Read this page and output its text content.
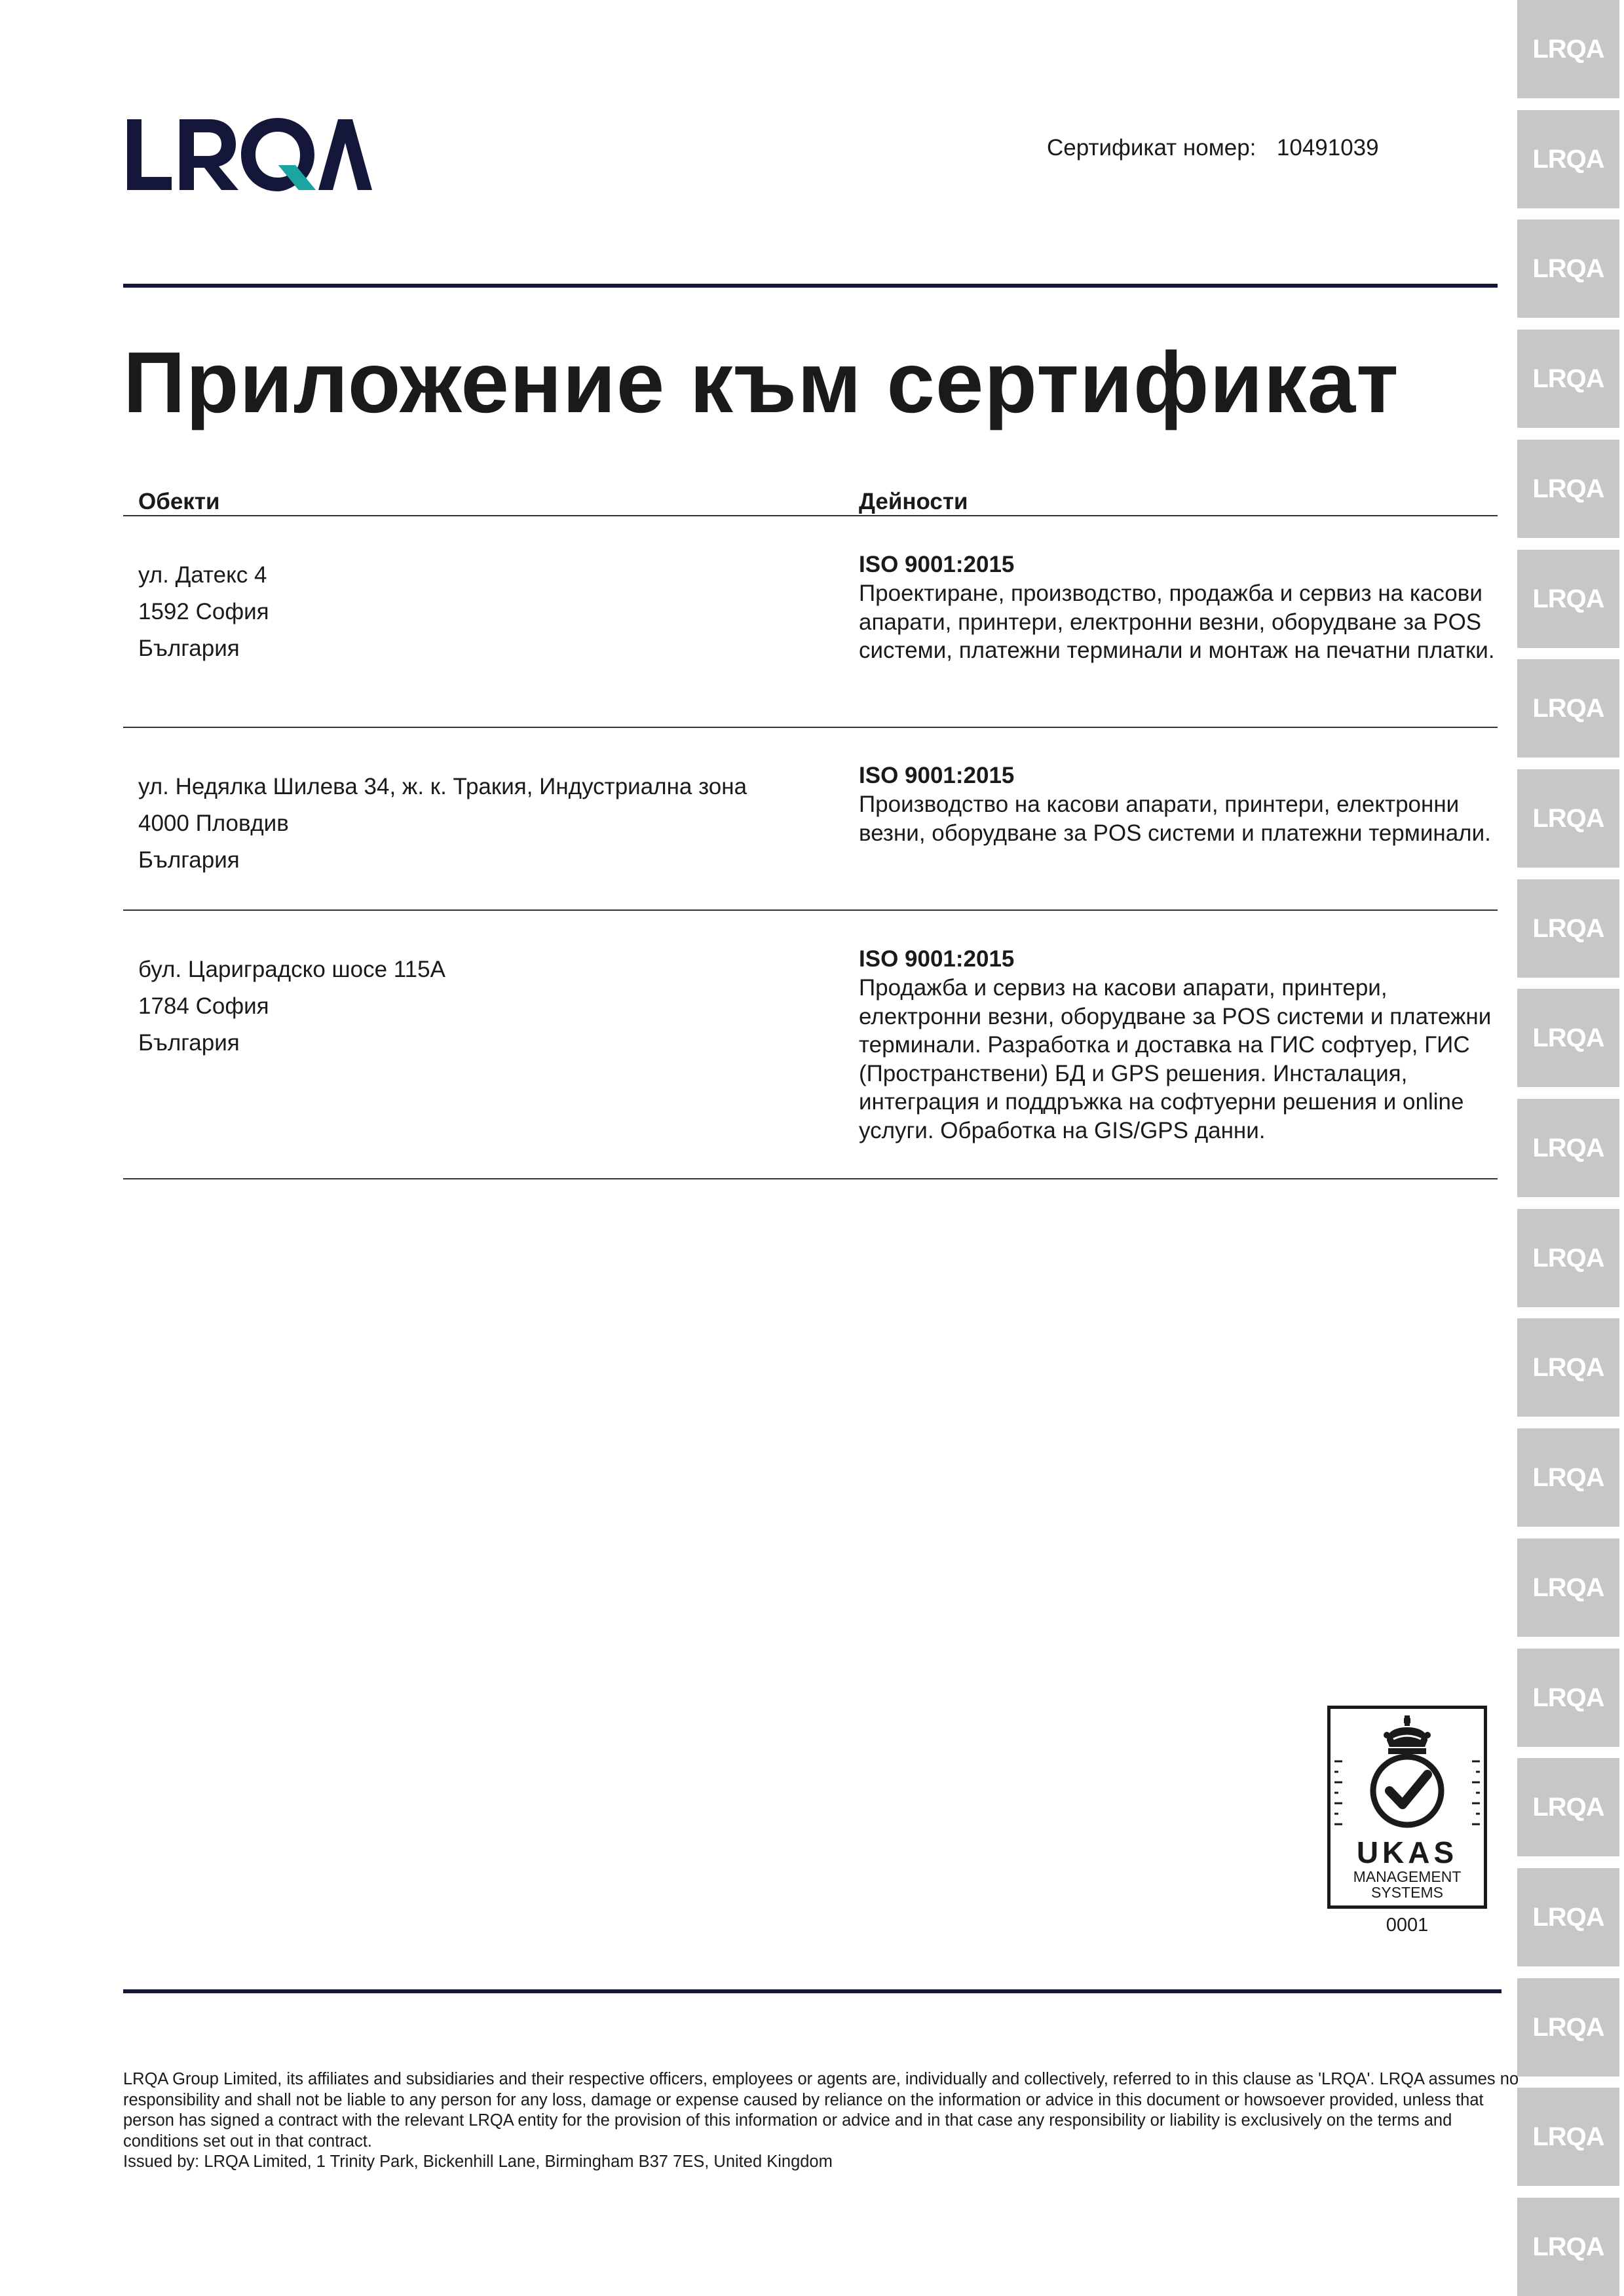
LRQA
LRQA
LRQA
LRQA
LRQA
LRQA
LRQA
LRQA
LRQA
LRQA
LRQA
LRQA
LRQA
LRQA
LRQA
LRQA
LRQA
LRQA
LRQA
LRQA
LRQA
Сертификат номер: 10491039
Приложение към сертификат
Обекти	Дейности
ул. Датекс 4
1592 София
България
ISO 9001:2015
Проектиране, производство, продажба и сервиз на касови апарати, принтери, електронни везни, оборудване за POS системи, платежни терминали и монтаж на печатни платки.
ул. Недялка Шилева 34, ж. к. Тракия, Индустриална зона
4000 Пловдив
България
ISO 9001:2015
Производство на касови апарати, принтери, електронни везни, оборудване за POS системи и платежни терминали.
бул. Цариградско шосе 115А
1784 София
България
ISO 9001:2015
Продажба и сервиз на касови апарати, принтери, електронни везни, оборудване за POS системи и платежни терминали. Разработка и доставка на ГИС софтуер, ГИС (Пространствени) БД и GPS решения. Инсталация, интеграция и поддръжка на софтуерни решения и online услуги. Обработка на GIS/GPS данни.
UKAS
MANAGEMENT
SYSTEMS
0001
LRQA Group Limited, its affiliates and subsidiaries and their respective officers, employees or agents are, individually and collectively, referred to in this clause as 'LRQA'. LRQA assumes no responsibility and shall not be liable to any person for any loss, damage or expense caused by reliance on the information or advice in this document or howsoever provided, unless that person has signed a contract with the relevant LRQA entity for the provision of this information or advice and in that case any responsibility or liability is exclusively on the terms and conditions set out in that contract.
Issued by: LRQA Limited, 1 Trinity Park, Bickenhill Lane, Birmingham B37 7ES, United Kingdom
